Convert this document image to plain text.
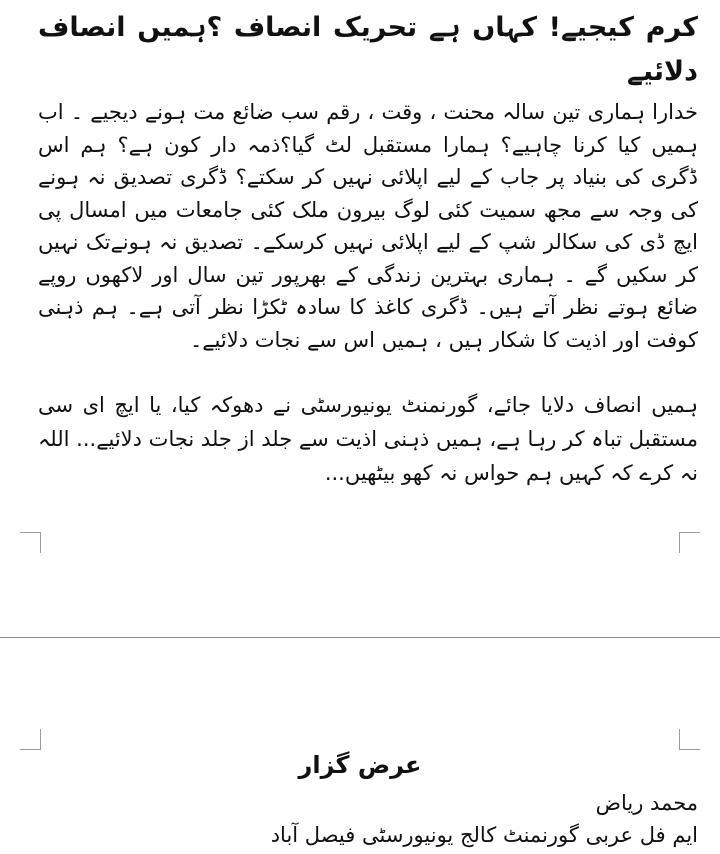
کرم کیجیے! کہاں ہے تحریک انصاف ؟ہمیں انصاف دلائیے

خدارا ہماری تین سالہ محنت ، وقت ، رقم سب ضائع مت ہونے دیجیے ۔ اب ہمیں کیا کرنا چاہیے؟ ہمارا مستقبل لٹ گیا؟ذمہ دار کون ہے؟ ہم اس ڈگری کی بنیاد پر جاب کے لیے اپلائی نہیں کر سکتے؟ ڈگری تصدیق نہ ہونے کی وجہ سے مجھ سمیت کئی لوگ بیرون ملک کئی جامعات میں امسال پی ایچ ڈی کی سکالر شپ کے لیے اپلائی نہیں کرسکے۔ تصدیق نہ ہونےتک نہیں کر سکیں گے ۔ ہماری بہترین زندگی کے بھرپور تین سال اور لاکھوں روپے ضائع ہوتے نظر آتے ہیں۔ ڈگری کاغذ کا سادہ ٹکڑا نظر آتی ہے۔ ہم ذہنی کوفت اور اذیت کا شکار ہیں ، ہمیں اس سے نجات دلائیے۔

ہمیں انصاف دلایا جائے، گورنمنٹ یونیورسٹی نے دھوکہ کیا، یا ایچ ای سی مستقبل تباہ کر رہا ہے، ہمیں ذہنی اذیت سے جلد از جلد نجات دلائیے... اللہ نہ کرے کہ کہیں ہم حواس نہ کھو بیٹھیں...

عرض گزار

محمد ریاض

ایم فل عربی گورنمنٹ کالج یونیورسٹی فیصل آباد
